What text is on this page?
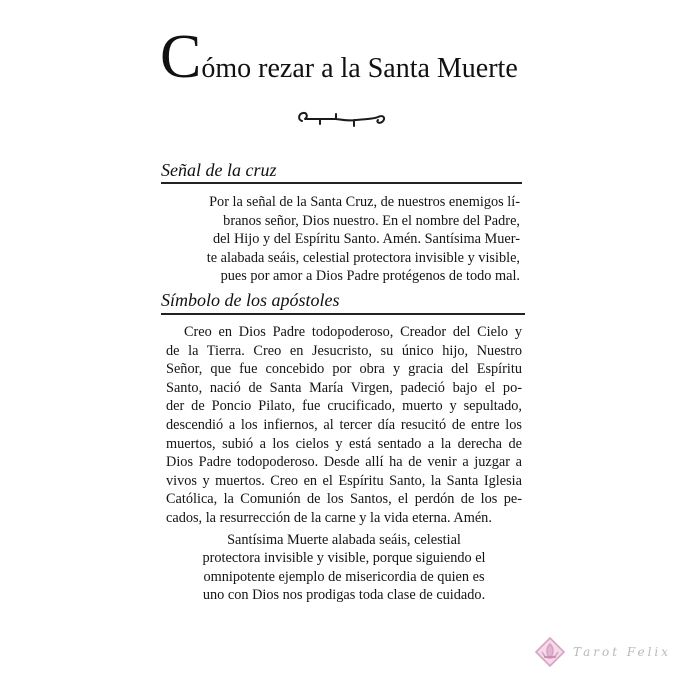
Cómo rezar a la Santa Muerte
Señal de la cruz
Por la señal de la Santa Cruz, de nuestros enemigos lí-
branos señor, Dios nuestro. En el nombre del Padre,
del Hijo y del Espíritu Santo. Amén. Santísima Muer-
te alabada seáis, celestial protectora invisible y visible,
pues por amor a Dios Padre protégenos de todo mal.
Símbolo de los apóstoles
Creo en Dios Padre todopoderoso, Creador del Cielo y
de la Tierra. Creo en Jesucristo, su único hijo, Nuestro
Señor, que fue concebido por obra y gracia del Espíritu
Santo, nació de Santa María Virgen, padeció bajo el po-
der de Poncio Pilato, fue crucificado, muerto y sepultado,
descendió a los infiernos, al tercer día resucitó de entre los
muertos, subió a los cielos y está sentado a la derecha de
Dios Padre todopoderoso. Desde allí ha de venir a juzgar a
vivos y muertos. Creo en el Espíritu Santo, la Santa Iglesia
Católica, la Comunión de los Santos, el perdón de los pe-
cados, la resurrección de la carne y la vida eterna. Amén.

Santísima Muerte alabada seáis, celestial
protectora invisible y visible, porque siguiendo el
omnipotente ejemplo de misericordia de quien es
uno con Dios nos prodigas toda clase de cuidado.

Tarot Felix
